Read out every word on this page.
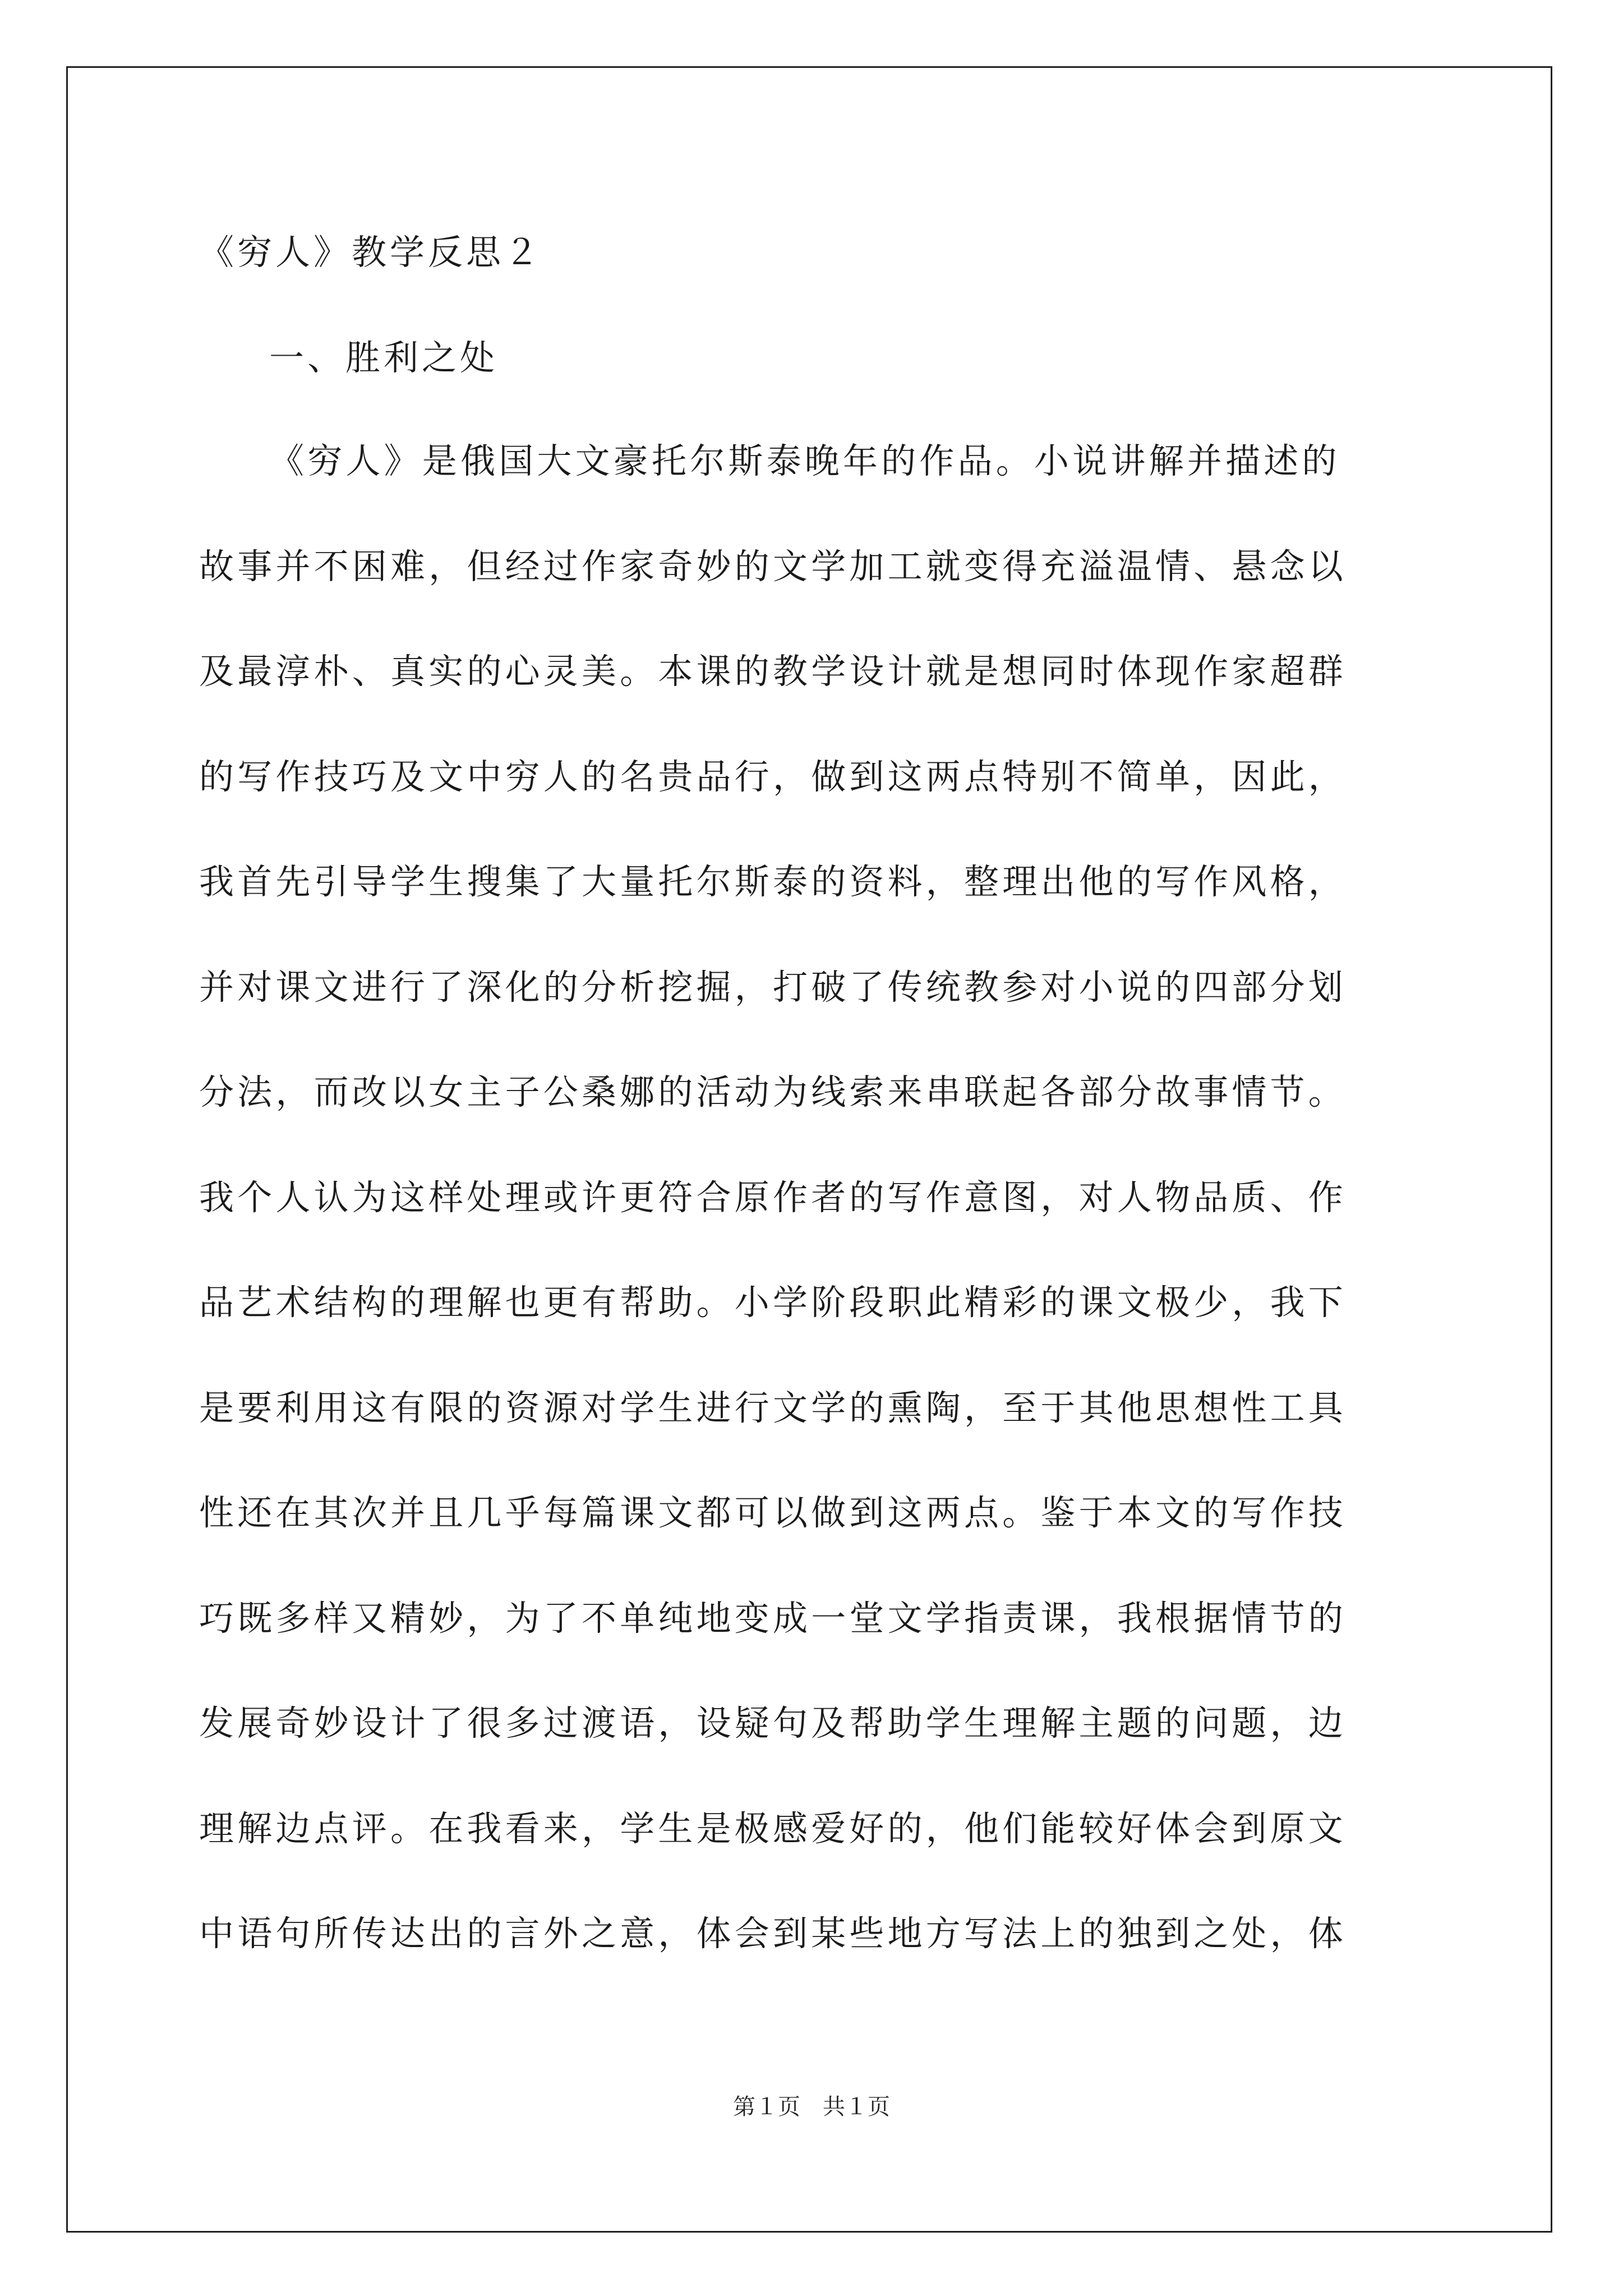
《穷人》教学反思２
一、胜利之处
《穷人》是俄国大文豪托尔斯泰晚年的作品。小说讲解并描述的
故事并不困难，但经过作家奇妙的文学加工就变得充溢温情、悬念以
及最淳朴、真实的心灵美。本课的教学设计就是想同时体现作家超群
的写作技巧及文中穷人的名贵品行，做到这两点特别不简单，因此，
我首先引导学生搜集了大量托尔斯泰的资料，整理出他的写作风格，
并对课文进行了深化的分析挖掘，打破了传统教参对小说的四部分划
分法，而改以女主子公桑娜的活动为线索来串联起各部分故事情节。
我个人认为这样处理或许更符合原作者的写作意图，对人物品质、作
品艺术结构的理解也更有帮助。小学阶段职此精彩的课文极少，我下
是要利用这有限的资源对学生进行文学的熏陶，至于其他思想性工具
性还在其次并且几乎每篇课文都可以做到这两点。鉴于本文的写作技
巧既多样又精妙，为了不单纯地变成一堂文学指责课，我根据情节的
发展奇妙设计了很多过渡语，设疑句及帮助学生理解主题的问题，边
理解边点评。在我看来，学生是极感爱好的，他们能较好体会到原文
中语句所传达出的言外之意，体会到某些地方写法上的独到之处，体
第１页　共１页
